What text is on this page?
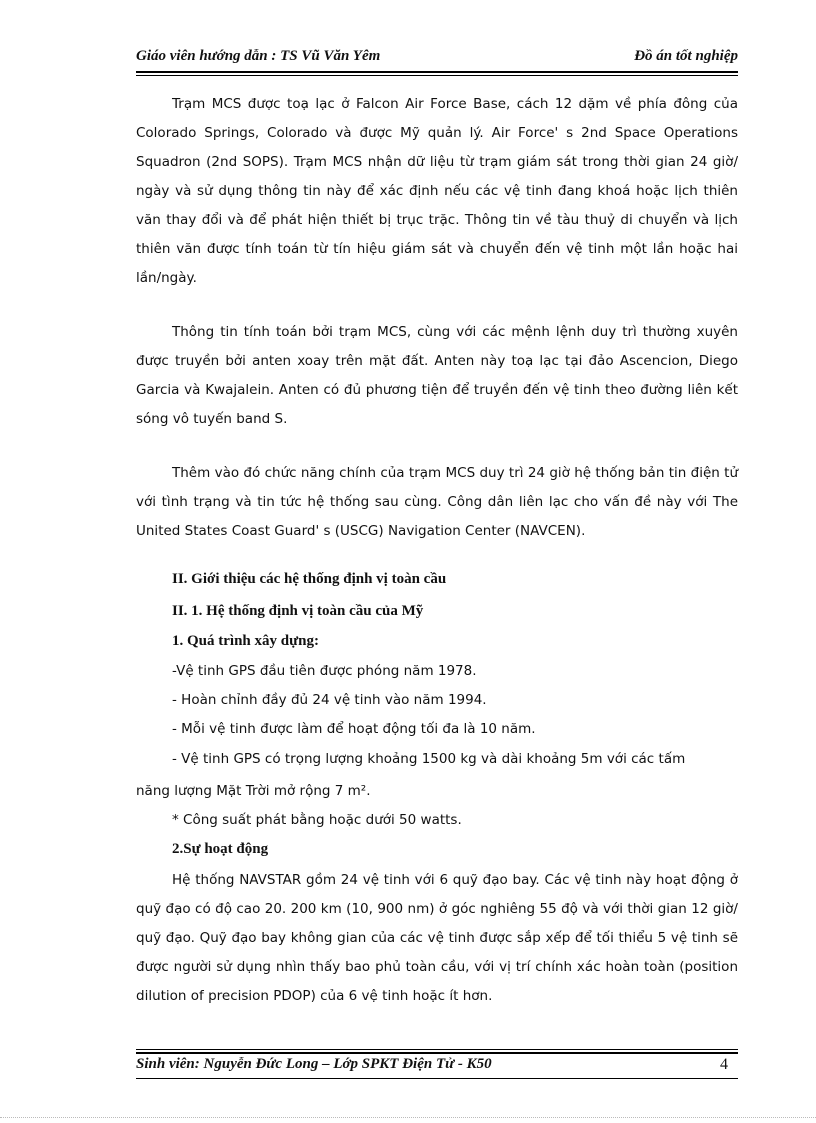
Giáo viên hướng dẫn : TS Vũ Văn Yêm	Đồ án tốt nghiệp

Trạm MCS được toạ lạc ở Falcon Air Force Base, cách 12 dặm về phía đông của Colorado Springs, Colorado và được Mỹ quản lý. Air Force' s 2nd Space Operations Squadron (2nd SOPS). Trạm MCS nhận dữ liệu từ trạm giám sát trong thời gian 24 giờ/ ngày và sử dụng thông tin này để xác định nếu các vệ tinh đang khoá hoặc lịch thiên văn thay đổi và để phát hiện thiết bị trục trặc. Thông tin về tàu thuỷ di chuyển và lịch thiên văn được tính toán từ tín hiệu giám sát và chuyển đến vệ tinh một lần hoặc hai lần/ngày.

Thông tin tính toán bởi trạm MCS, cùng với các mệnh lệnh duy trì thường xuyên được truyền bởi anten xoay trên mặt đất. Anten này toạ lạc tại đảo Ascencion, Diego Garcia và Kwajalein. Anten có đủ phương tiện để truyền đến vệ tinh theo đường liên kết sóng vô tuyến band S.

Thêm vào đó chức năng chính của trạm MCS duy trì 24 giờ hệ thống bản tin điện tử với tình trạng và tin tức hệ thống sau cùng. Công dân liên lạc cho vấn đề này với The United States Coast Guard' s (USCG) Navigation Center (NAVCEN).

II. Giới thiệu các hệ thống định vị toàn cầu
II. 1. Hệ thống định vị toàn cầu của Mỹ
1. Quá trình xây dựng:
-Vệ tinh GPS đầu tiên được phóng năm 1978.
- Hoàn chỉnh đầy đủ 24 vệ tinh vào năm 1994.
- Mỗi vệ tinh được làm để hoạt động tối đa là 10 năm.
- Vệ tinh GPS có trọng lượng khoảng 1500 kg và dài khoảng 5m với các tấm
năng lượng Mặt Trời mở rộng 7 m².
* Công suất phát bằng hoặc dưới 50 watts.
2.Sự hoạt động

Hệ thống NAVSTAR gồm 24 vệ tinh với 6 quỹ đạo bay. Các vệ tinh này hoạt động ở quỹ đạo có độ cao 20. 200 km (10, 900 nm) ở góc nghiêng 55 độ và với thời gian 12 giờ/ quỹ đạo. Quỹ đạo bay không gian của các vệ tinh được sắp xếp để tối thiểu 5 vệ tinh sẽ được người sử dụng nhìn thấy bao phủ toàn cầu, với vị trí chính xác hoàn toàn (position dilution of precision PDOP) của 6 vệ tinh hoặc ít hơn.

Sinh viên: Nguyễn Đức Long – Lớp SPKT Điện Tử - K50	4
